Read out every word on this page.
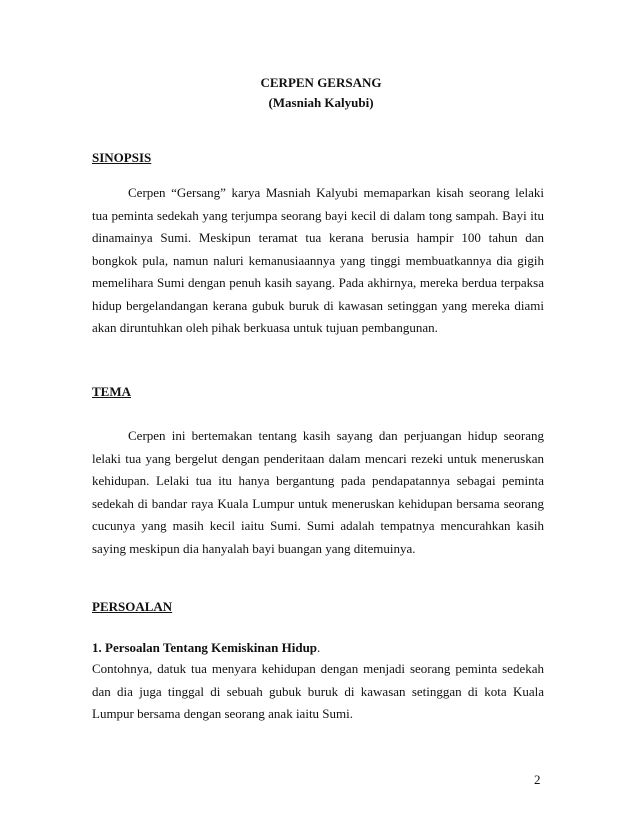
CERPEN GERSANG
(Masniah Kalyubi)
SINOPSIS

Cerpen “Gersang” karya Masniah Kalyubi memaparkan kisah seorang lelaki tua peminta sedekah yang terjumpa seorang bayi kecil di dalam tong sampah. Bayi itu dinamainya Sumi. Meskipun teramat tua kerana berusia hampir 100 tahun dan bongkok pula, namun naluri kemanusiaannya yang tinggi membuatkannya dia gigih memelihara Sumi dengan penuh kasih sayang. Pada akhirnya, mereka berdua terpaksa hidup bergelandangan kerana gubuk buruk di kawasan setinggan yang mereka diami akan diruntuhkan oleh pihak berkuasa untuk tujuan pembangunan.

TEMA

Cerpen ini bertemakan tentang kasih sayang dan perjuangan hidup seorang lelaki tua yang bergelut dengan penderitaan dalam mencari rezeki untuk meneruskan kehidupan. Lelaki tua itu hanya bergantung pada pendapatannya sebagai peminta sedekah di bandar raya Kuala Lumpur untuk meneruskan kehidupan bersama seorang cucunya yang masih kecil iaitu Sumi. Sumi adalah tempatnya mencurahkan kasih saying meskipun dia hanyalah bayi buangan yang ditemuinya.

PERSOALAN
1. Persoalan Tentang Kemiskinan Hidup.

Contohnya, datuk tua menyara kehidupan dengan menjadi seorang peminta sedekah dan dia juga tinggal di sebuah gubuk buruk di kawasan setinggan di kota Kuala Lumpur bersama dengan seorang anak iaitu Sumi.

2
